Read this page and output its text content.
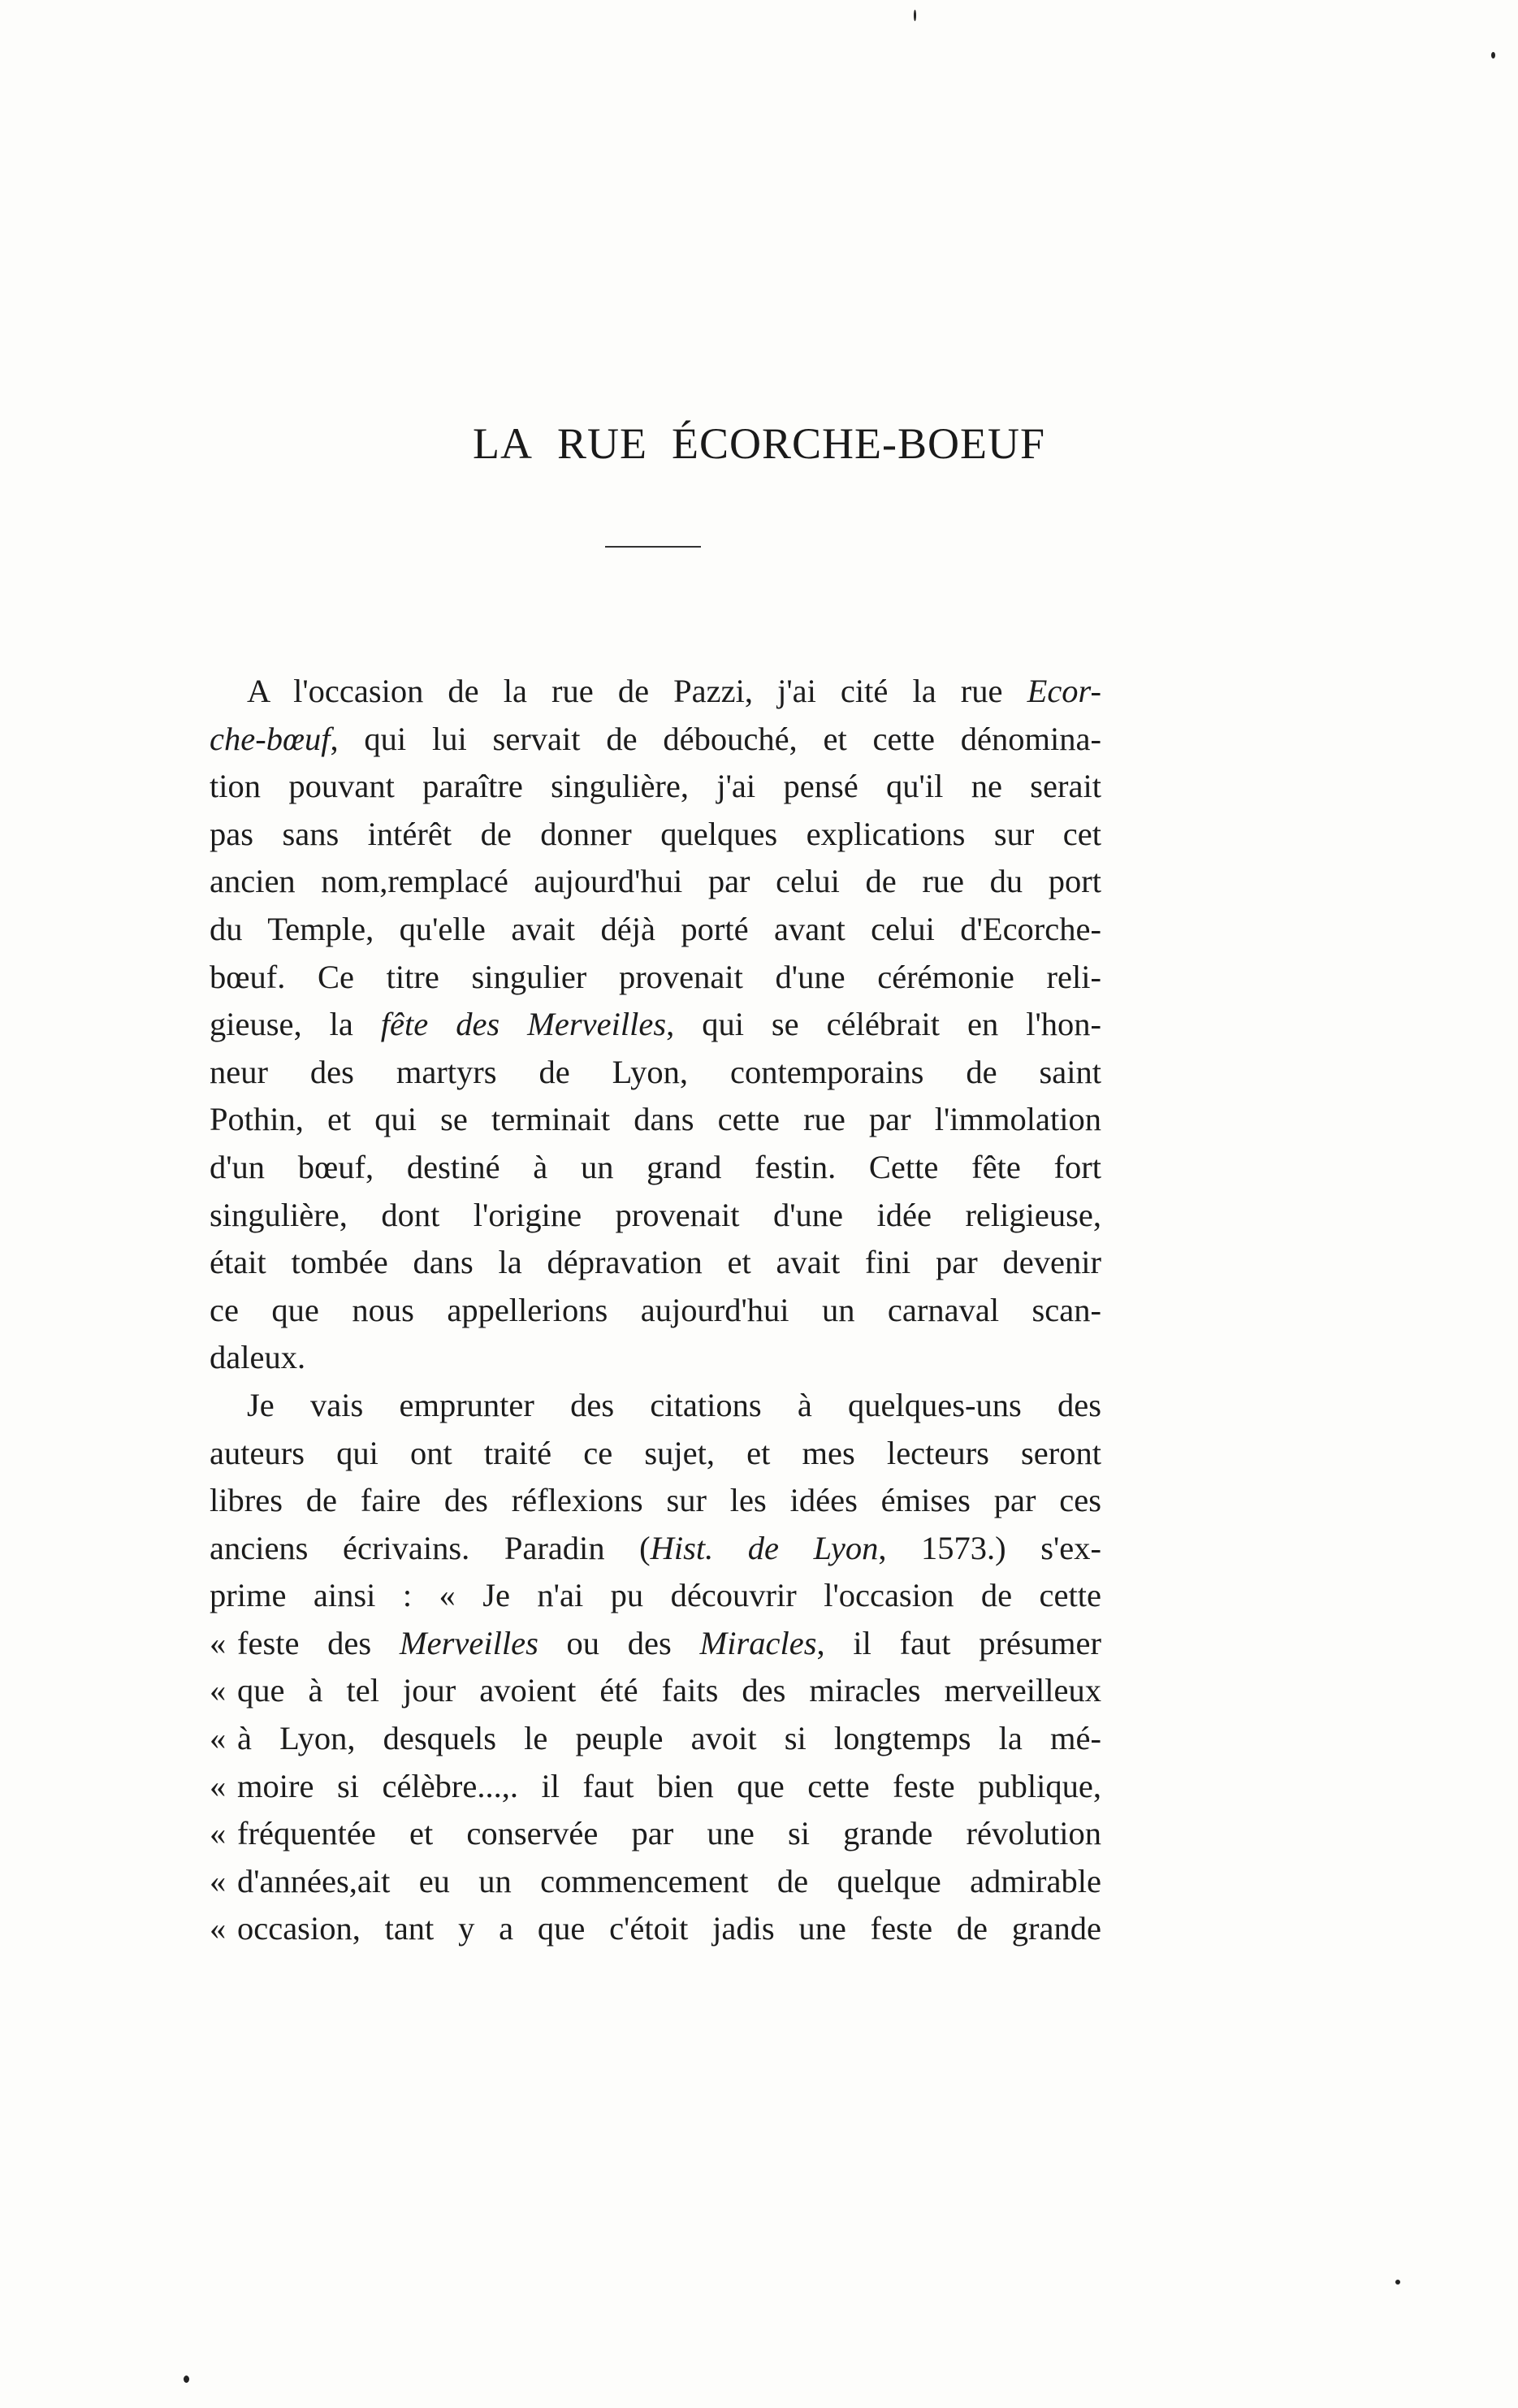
LA RUE ÉCORCHE-BOEUF
A l'occasion de la rue de Pazzi, j'ai cité la rue Ecor-
che-bœuf, qui lui servait de débouché, et cette dénomina-
tion pouvant paraître singulière, j'ai pensé qu'il ne serait
pas sans intérêt de donner quelques explications sur cet
ancien nom,remplacé aujourd'hui par celui de rue du port
du Temple, qu'elle avait déjà porté avant celui d'Ecorche-
bœuf. Ce titre singulier provenait d'une cérémonie reli-
gieuse, la fête des Merveilles, qui se célébrait en l'hon-
neur des martyrs de Lyon, contemporains de saint
Pothin, et qui se terminait dans cette rue par l'immolation
d'un bœuf, destiné à un grand festin. Cette fête fort
singulière, dont l'origine provenait d'une idée religieuse,
était tombée dans la dépravation et avait fini par devenir
ce que nous appellerions aujourd'hui un carnaval scan-
daleux.
Je vais emprunter des citations à quelques-uns des
auteurs qui ont traité ce sujet, et mes lecteurs seront
libres de faire des réflexions sur les idées émises par ces
anciens écrivains. Paradin (Hist. de Lyon, 1573.) s'ex-
prime ainsi : « Je n'ai pu découvrir l'occasion de cette
« feste des Merveilles ou des Miracles, il faut présumer
« que à tel jour avoient été faits des miracles merveilleux
« à Lyon, desquels le peuple avoit si longtemps la mé-
« moire si célèbre...,. il faut bien que cette feste publique,
« fréquentée et conservée par une si grande révolution
« d'années,ait eu un commencement de quelque admirable
« occasion, tant y a que c'étoit jadis une feste de grande
